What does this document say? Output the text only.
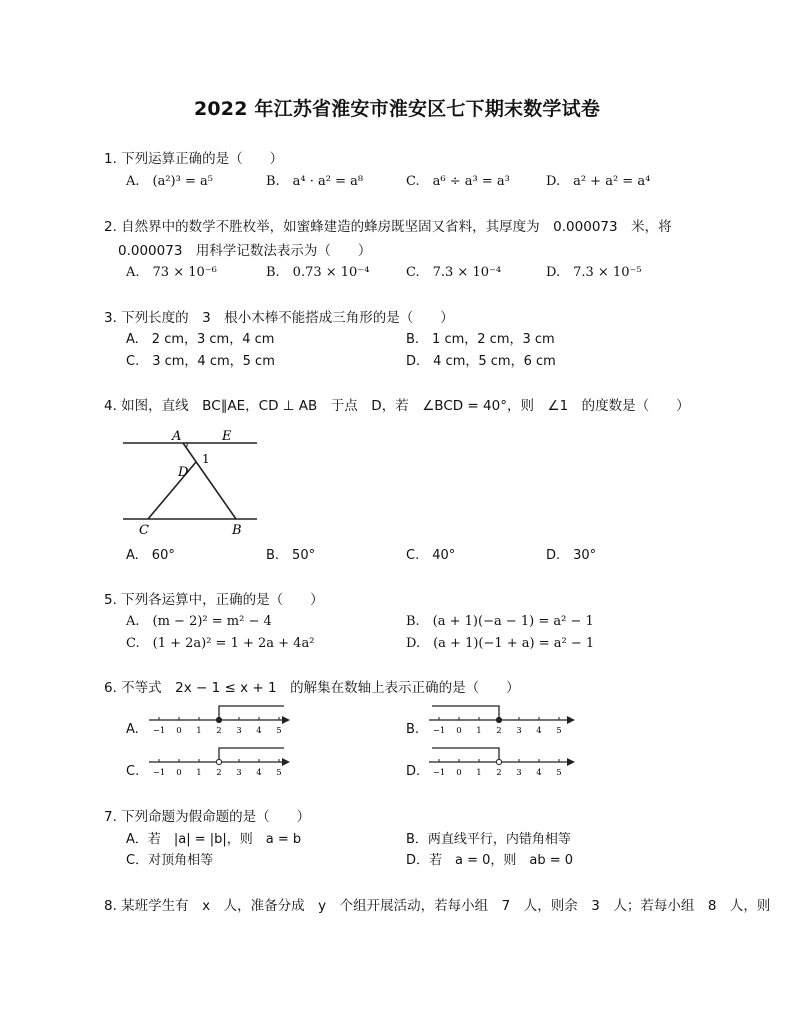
2022 年江苏省淮安市淮安区七下期末数学试卷
1. 下列运算正确的是（　　）
A.　(a²)³ = a⁵	B.　a⁴ · a² = a⁸	C.　a⁶ ÷ a³ = a³	D.　a² + a² = a⁴
2. 自然界中的数学不胜枚举，如蜜蜂建造的蜂房既坚固又省料，其厚度为　0.000073　米，将
0.000073　用科学记数法表示为（　　）
A.　73 × 10⁻⁶	B.　0.73 × 10⁻⁴	C.　7.3 × 10⁻⁴	D.　7.3 × 10⁻⁵
3. 下列长度的　3　根小木棒不能搭成三角形的是（　　）
A.　2 cm，3 cm，4 cm	B.　1 cm，2 cm，3 cm
C.　3 cm，4 cm，5 cm	D.　4 cm，5 cm，6 cm
4. 如图，直线　BC∥AE，CD ⊥ AB　于点　D，若　∠BCD = 40°，则　∠1　的度数是（　　）
A	E
D
1
C	B
A.　60°	B.　50°	C.　40°	D.　30°
5. 下列各运算中，正确的是（　　）
A.　(m − 2)² = m² − 4	B.　(a + 1)(−a − 1) = a² − 1
C.　(1 + 2a)² = 1 + 2a + 4a²	D.　(a + 1)(−1 + a) = a² − 1
6. 不等式　2x − 1 ≤ x + 1　的解集在数轴上表示正确的是（　　）
A. −1 0 1 2 3 4 5	B. −1 0 1 2 3 4 5
C. −1 0 1 2 3 4 5	D. −1 0 1 2 3 4 5
7. 下列命题为假命题的是（　　）
A．若　|a| = |b|，则　a = b	B．两直线平行，内错角相等
C．对顶角相等	D．若　a = 0，则　ab = 0
8. 某班学生有　x　人，准备分成　y　个组开展活动，若每小组　7　人，则余　3　人；若每小组　8　人，则
